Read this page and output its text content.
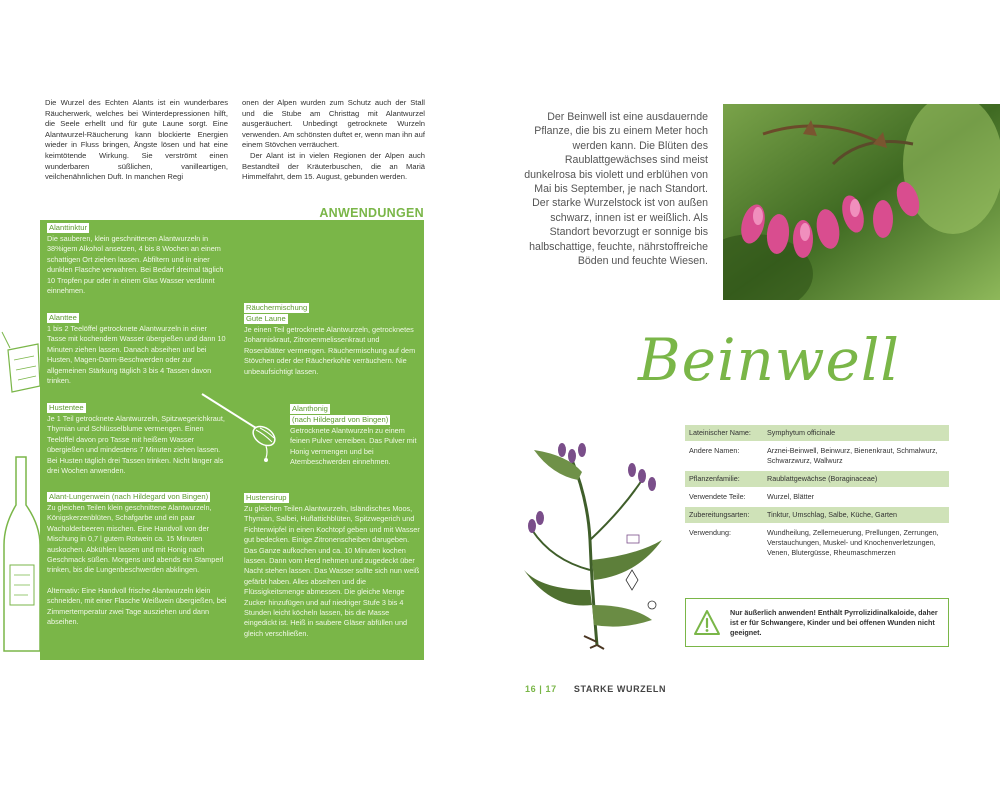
Die Wurzel des Echten Alants ist ein wunderbares Räucherwerk, welches bei Winterdepressionen hilft, die Seele erhellt und für gute Laune sorgt. Eine Alantwurzel-Räucherung kann blockierte Energien wieder in Fluss bringen, Ängste lösen und hat eine keimtötende Wirkung. Sie verströmt einen wunderbaren süßlichen, vanilleartigen, veilchenähnlichen Duft. In manchen Regi

onen der Alpen wurden zum Schutz auch der Stall und die Stube am Christtag mit Alantwurzel ausgeräuchert. Unbedingt getrocknete Wurzeln verwenden. Am schönsten duftet er, wenn man ihn auf einem Stövchen verräuchert.

Der Alant ist in vielen Regionen der Alpen auch Bestandteil der Kräuterbuschen, die an Mariä Himmelfahrt, dem 15. August, gebunden werden.

ANWENDUNGEN
Alanttinktur

Die sauberen, klein geschnittenen Alantwurzeln in 38%igem Alkohol ansetzen, 4 bis 8 Wochen an einem schattigen Ort ziehen lassen. Abfiltern und in einer dunklen Flasche verwahren. Bei Bedarf dreimal täglich 10 Tropfen pur oder in einem Glas Wasser verdünnt einnehmen.

Alanttee

1 bis 2 Teelöffel getrocknete Alantwurzeln in einer Tasse mit kochendem Wasser übergießen und dann 10 Minuten ziehen lassen. Danach abseihen und bei Husten, Magen-Darm-Beschwerden oder zur allgemeinen Stärkung täglich 3 bis 4 Tassen davon trinken.

Hustentee

Je 1 Teil getrocknete Alantwurzeln, Spitzwegerichkraut, Thymian und Schlüsselblume vermengen. Einen Teelöffel davon pro Tasse mit heißem Wasser übergießen und mindestens 7 Minuten ziehen lassen. Bei Husten täglich drei Tassen trinken. Nicht länger als drei Wochen anwenden.

Alant-Lungenwein (nach Hildegard von Bingen)

Zu gleichen Teilen klein geschnittene Alantwurzeln, Königskerzenblüten, Schafgarbe und ein paar Wacholderbeeren mischen. Eine Handvoll von der Mischung in 0,7 l gutem Rotwein ca. 15 Minuten auskochen. Abkühlen lassen und mit Honig nach Geschmack süßen. Morgens und abends ein Stamperl trinken, bis die Lungenbeschwerden abklingen.

Alternativ: Eine Handvoll frische Alantwurzeln klein schneiden, mit einer Flasche Weißwein übergießen, bei Zimmertemperatur zwei Tage ausziehen und dann abseihen.

Räuchermischung
Gute Laune

Je einen Teil getrocknete Alantwurzeln, getrocknetes Johanniskraut, Zitronenmelissenkraut und Rosenblätter vermengen. Räuchermischung auf dem Stövchen oder der Räucherkohle verräuchern. Nie unbeaufsichtigt lassen.

Alanthonig
(nach Hildegard von Bingen)

Getrocknete Alantwurzeln zu einem feinen Pulver verreiben. Das Pulver mit Honig vermengen und bei Atembeschwerden einnehmen.

Hustensirup

Zu gleichen Teilen Alantwurzeln, Isländisches Moos, Thymian, Salbei, Huflattichblüten, Spitzwegerich und Fichtenwipfel in einen Kochtopf geben und mit Wasser gut bedecken. Einige Zitronenscheiben darugeben. Das Ganze aufkochen und ca. 10 Minuten kochen lassen. Dann vom Herd nehmen und zugedeckt über Nacht stehen lassen. Das Wasser sollte sich nun weiß gefärbt haben. Alles abseihen und die Flüssigkeitsmenge abmessen. Die gleiche Menge Zucker hinzufügen und auf niedriger Stufe 3 bis 4 Stunden leicht köcheln lassen, bis die Masse eingedickt ist. Heiß in saubere Gläser abfüllen und gleich verschließen.

Der Beinwell ist eine ausdauernde Pflanze, die bis zu einem Meter hoch werden kann. Die Blüten des Raublattgewächses sind meist dunkelrosa bis violett und erblühen von Mai bis September, je nach Standort. Der starke Wurzelstock ist von außen schwarz, innen ist er weißlich. Als Standort bevorzugt er sonnige bis halbschattige, feuchte, nährstoffreiche Böden und feuchte Wiesen.

Beinwell
Lateinischer Name:	Symphytum officinale
Andere Namen:	Arznei-Beinwell, Beinwurz, Bienenkraut, Schmalwurz, Schwarzwurz, Wallwurz
Pflanzenfamilie:	Raublattgewächse (Boraginaceae)
Verwendete Teile:	Wurzel, Blätter
Zubereitungsarten:	Tinktur, Umschlag, Salbe, Küche, Garten
Verwendung:	Wundheilung, Zellerneuerung, Prellungen, Zerrungen, Verstauchungen, Muskel- und Knochenverletzungen, Venen, Blutergüsse, Rheumaschmerzen
Nur äußerlich anwenden! Enthält Pyrrolizidinalkaloide, daher ist er für Schwangere, Kinder und bei offenen Wunden nicht geeignet.
16 | 17 STARKE WURZELN
